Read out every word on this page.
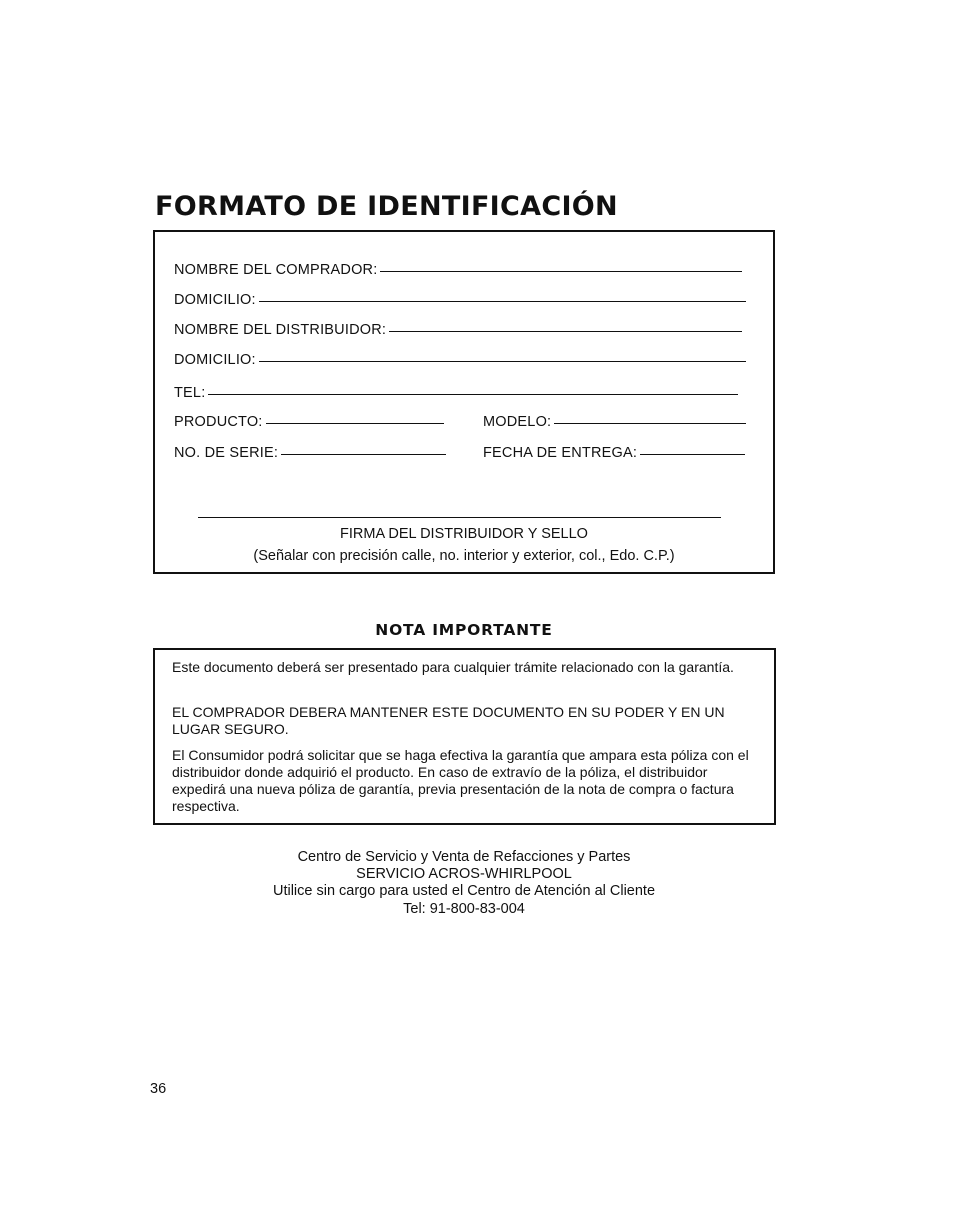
FORMATO DE IDENTIFICACIÓN
NOMBRE DEL COMPRADOR:
DOMICILIO:
NOMBRE DEL DISTRIBUIDOR:
DOMICILIO:
TEL:
PRODUCTO:	MODELO:
NO. DE SERIE:	FECHA DE ENTREGA:
FIRMA DEL DISTRIBUIDOR Y SELLO
(Señalar con precisión calle, no. interior y exterior, col., Edo. C.P.)
NOTA IMPORTANTE

Este documento deberá ser presentado para cualquier trámite relacionado con la garantía.

EL COMPRADOR DEBERA MANTENER ESTE DOCUMENTO EN SU PODER Y EN UN LUGAR SEGURO.

El Consumidor podrá solicitar que se haga efectiva la garantía que ampara esta póliza con el distribuidor donde adquirió el producto. En caso de extravío de la póliza, el distribuidor expedirá una nueva póliza de garantía, previa presentación de la nota de compra o factura respectiva.

Centro de Servicio y Venta de Refacciones y Partes
SERVICIO ACROS-WHIRLPOOL
Utilice sin cargo para usted el Centro de Atención al Cliente
Tel: 91-800-83-004
36
